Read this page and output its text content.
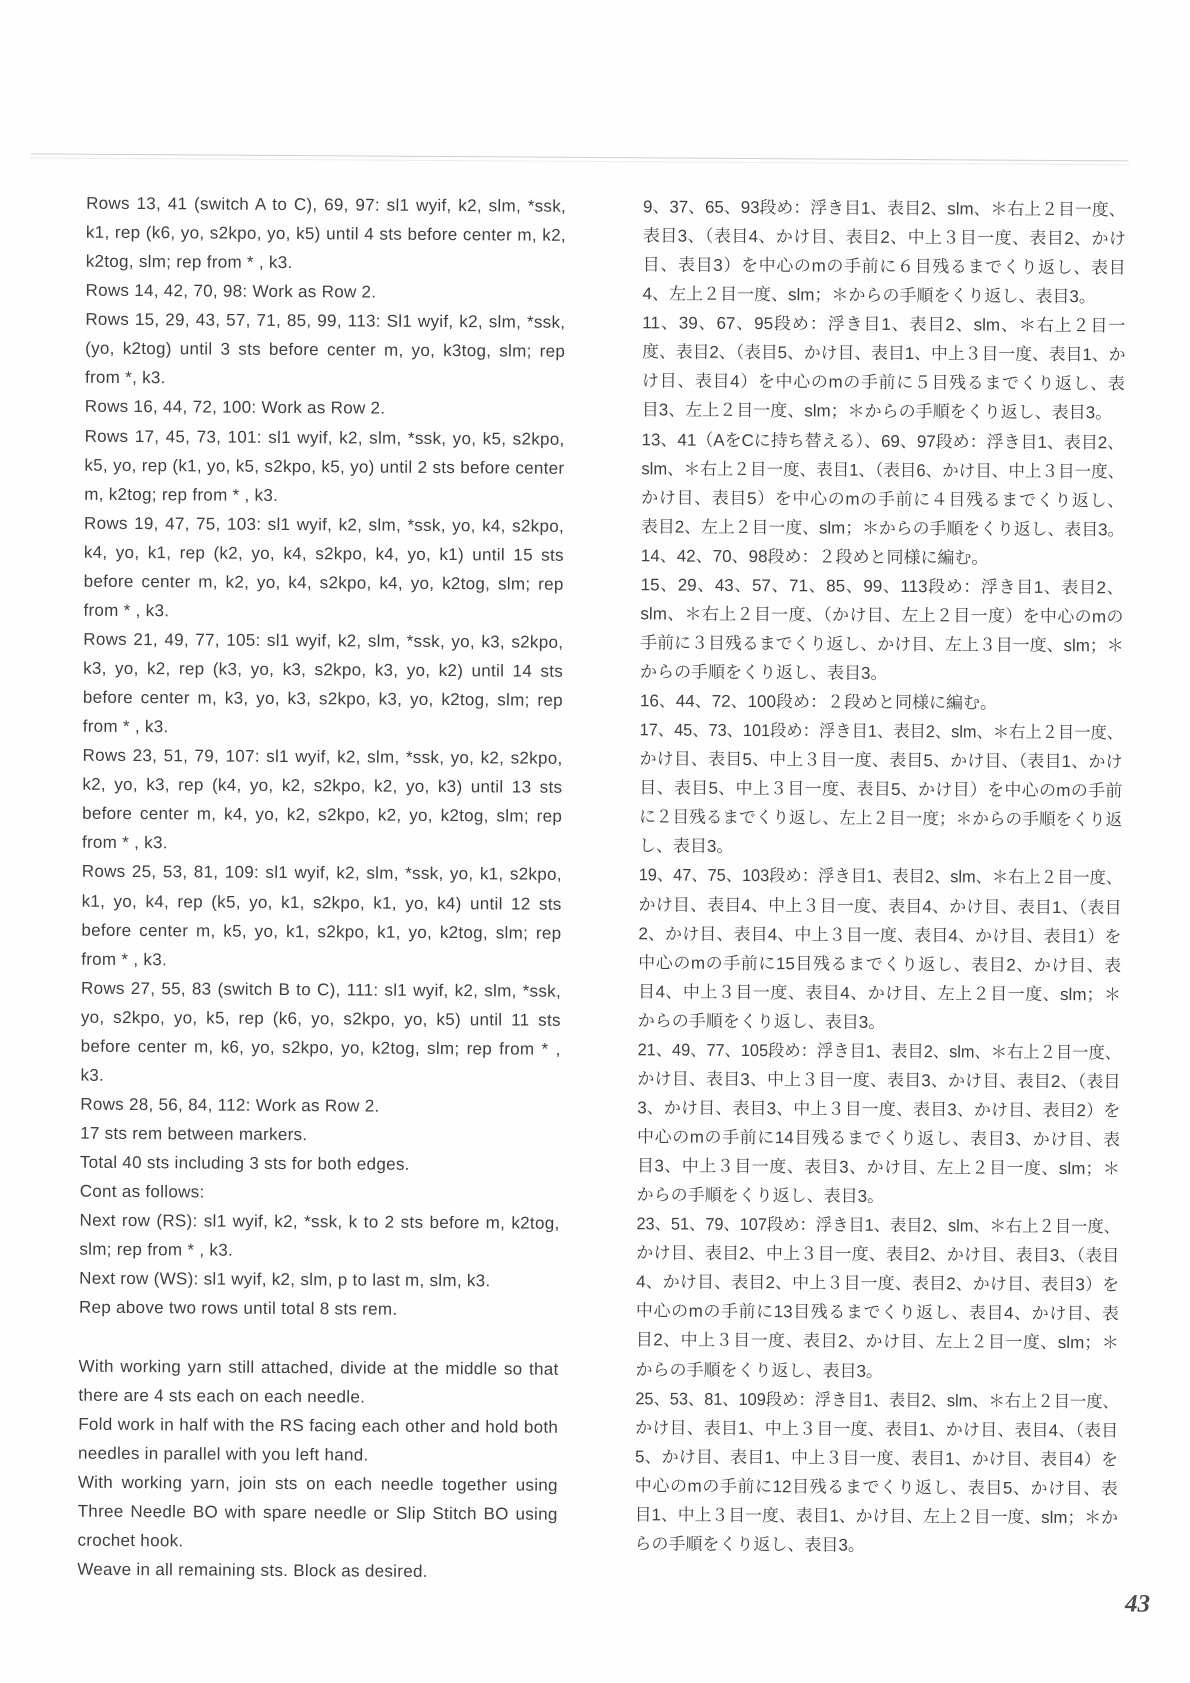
Rows 13, 41 (switch A to C), 69, 97: sl1 wyif, k2, slm, *ssk,
k1, rep (k6, yo, s2kpo, yo, k5) until 4 sts before center m, k2,
k2tog, slm; rep from * , k3.
Rows 14, 42, 70, 98: Work as Row 2.
Rows 15, 29, 43, 57, 71, 85, 99, 113: Sl1 wyif, k2, slm, *ssk,
(yo, k2tog) until 3 sts before center m, yo, k3tog, slm; rep
from *, k3.
Rows 16, 44, 72, 100: Work as Row 2.
Rows 17, 45, 73, 101: sl1 wyif, k2, slm, *ssk, yo, k5, s2kpo,
k5, yo, rep (k1, yo, k5, s2kpo, k5, yo) until 2 sts before center
m, k2tog; rep from * , k3.
Rows 19, 47, 75, 103: sl1 wyif, k2, slm, *ssk, yo, k4, s2kpo,
k4, yo, k1, rep (k2, yo, k4, s2kpo, k4, yo, k1) until 15 sts
before center m, k2, yo, k4, s2kpo, k4, yo, k2tog, slm; rep
from * , k3.
Rows 21, 49, 77, 105: sl1 wyif, k2, slm, *ssk, yo, k3, s2kpo,
k3, yo, k2, rep (k3, yo, k3, s2kpo, k3, yo, k2) until 14 sts
before center m, k3, yo, k3, s2kpo, k3, yo, k2tog, slm; rep
from * , k3.
Rows 23, 51, 79, 107: sl1 wyif, k2, slm, *ssk, yo, k2, s2kpo,
k2, yo, k3, rep (k4, yo, k2, s2kpo, k2, yo, k3) until 13 sts
before center m, k4, yo, k2, s2kpo, k2, yo, k2tog, slm; rep
from * , k3.
Rows 25, 53, 81, 109: sl1 wyif, k2, slm, *ssk, yo, k1, s2kpo,
k1, yo, k4, rep (k5, yo, k1, s2kpo, k1, yo, k4) until 12 sts
before center m, k5, yo, k1, s2kpo, k1, yo, k2tog, slm; rep
from * , k3.
Rows 27, 55, 83 (switch B to C), 111: sl1 wyif, k2, slm, *ssk,
yo, s2kpo, yo, k5, rep (k6, yo, s2kpo, yo, k5) until 11 sts
before center m, k6, yo, s2kpo, yo, k2tog, slm; rep from * ,
k3.
Rows 28, 56, 84, 112: Work as Row 2.
17 sts rem between markers.
Total 40 sts including 3 sts for both edges.
Cont as follows:
Next row (RS): sl1 wyif, k2, *ssk, k to 2 sts before m, k2tog,
slm; rep from * , k3.
Next row (WS): sl1 wyif, k2, slm, p to last m, slm, k3.
Rep above two rows until total 8 sts rem.
With working yarn still attached, divide at the middle so that
there are 4 sts each on each needle.
Fold work in half with the RS facing each other and hold both
needles in parallel with you left hand.
With working yarn, join sts on each needle together using
Three Needle BO with spare needle or Slip Stitch BO using
crochet hook.
Weave in all remaining sts. Block as desired.
9、37、65、93段め：浮き目1、表目2、slm、＊右上２目一度、
表目3、（表目4、かけ目、表目2、中上３目一度、表目2、かけ
目、表目3）を中心のmの手前に６目残るまでくり返し、表目
4、左上２目一度、slm；＊からの手順をくり返し、表目3。
11、39、67、95段め：浮き目1、表目2、slm、＊右上２目一
度、表目2、（表目5、かけ目、表目1、中上３目一度、表目1、か
け目、表目4）を中心のmの手前に５目残るまでくり返し、表
目3、左上２目一度、slm；＊からの手順をくり返し、表目3。
13、41（AをCに持ち替える）、69、97段め：浮き目1、表目2、
slm、＊右上２目一度、表目1、（表目6、かけ目、中上３目一度、
かけ目、表目5）を中心のmの手前に４目残るまでくり返し、
表目2、左上２目一度、slm；＊からの手順をくり返し、表目3。
14、42、70、98段め：２段めと同様に編む。
15、29、43、57、71、85、99、113段め：浮き目1、表目2、
slm、＊右上２目一度、（かけ目、左上２目一度）を中心のmの
手前に３目残るまでくり返し、かけ目、左上３目一度、slm；＊
からの手順をくり返し、表目3。
16、44、72、100段め：２段めと同様に編む。
17、45、73、101段め：浮き目1、表目2、slm、＊右上２目一度、
かけ目、表目5、中上３目一度、表目5、かけ目、（表目1、かけ
目、表目5、中上３目一度、表目5、かけ目）を中心のmの手前
に２目残るまでくり返し、左上２目一度；＊からの手順をくり返
し、表目3。
19、47、75、103段め：浮き目1、表目2、slm、＊右上２目一度、
かけ目、表目4、中上３目一度、表目4、かけ目、表目1、（表目
2、かけ目、表目4、中上３目一度、表目4、かけ目、表目1）を
中心のmの手前に15目残るまでくり返し、表目2、かけ目、表
目4、中上３目一度、表目4、かけ目、左上２目一度、slm；＊
からの手順をくり返し、表目3。
21、49、77、105段め：浮き目1、表目2、slm、＊右上２目一度、
かけ目、表目3、中上３目一度、表目3、かけ目、表目2、（表目
3、かけ目、表目3、中上３目一度、表目3、かけ目、表目2）を
中心のmの手前に14目残るまでくり返し、表目3、かけ目、表
目3、中上３目一度、表目3、かけ目、左上２目一度、slm；＊
からの手順をくり返し、表目3。
23、51、79、107段め：浮き目1、表目2、slm、＊右上２目一度、
かけ目、表目2、中上３目一度、表目2、かけ目、表目3、（表目
4、かけ目、表目2、中上３目一度、表目2、かけ目、表目3）を
中心のmの手前に13目残るまでくり返し、表目4、かけ目、表
目2、中上３目一度、表目2、かけ目、左上２目一度、slm；＊
からの手順をくり返し、表目3。
25、53、81、109段め：浮き目1、表目2、slm、＊右上２目一度、
かけ目、表目1、中上３目一度、表目1、かけ目、表目4、（表目
5、かけ目、表目1、中上３目一度、表目1、かけ目、表目4）を
中心のmの手前に12目残るまでくり返し、表目5、かけ目、表
目1、中上３目一度、表目1、かけ目、左上２目一度、slm；＊か
らの手順をくり返し、表目3。
43
